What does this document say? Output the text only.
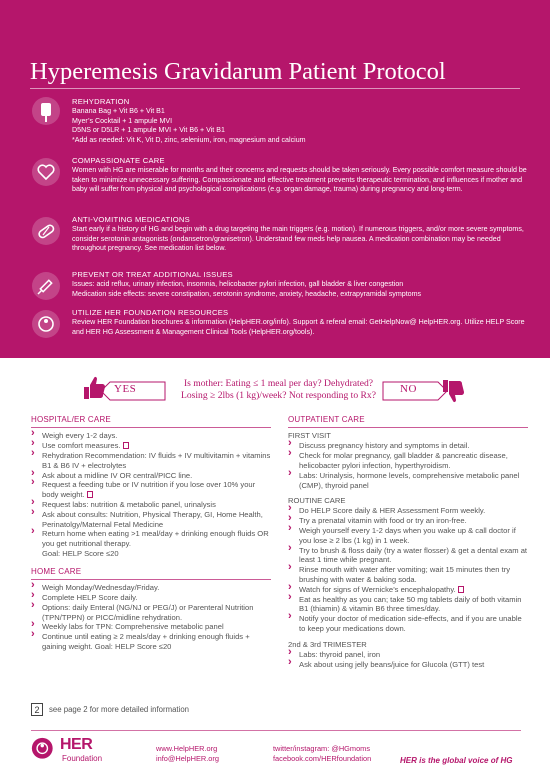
Hyperemesis Gravidarum Patient Protocol
REHYDRATION
Banana Bag + Vit B6 + Vit B1
Myer’s Cocktail + 1 ampule MVI
D5NS or D5LR + 1 ampule MVI + Vit B6 + Vit B1
*Add as needed: Vit K, Vit D, zinc, selenium, iron, magnesium and calcium
COMPASSIONATE CARE
Women with HG are miserable for months and their concerns and requests should be taken seriously. Every possible comfort measure should be taken to minimize unnecessary suffering. Compassionate and effective treatment prevents therapeutic termination, and influences if mother and baby will suffer from physical and psychological complications (e.g. organ damage, trauma) during pregnancy and long-term.
ANTI-VOMITING MEDICATIONS
Start early if a history of HG and begin with a drug targeting the main triggers (e.g. motion). If numerous triggers, and/or more severe symptoms, consider serotonin antagonists (ondansetron/granisetron). Understand few meds help nausea. A medication combination may be needed throughout pregnancy. See medication list below.
PREVENT OR TREAT ADDITIONAL ISSUES
Issues: acid reflux, urinary infection, insomnia, helicobacter pylori infection, gall bladder & liver congestion
Medication side effects: severe constipation, serotonin syndrome, anxiety, headache, extrapyramidal symptoms
UTILIZE HER FOUNDATION RESOURCES
Review HER Foundation brochures & information (HelpHER.org/info). Support & referal email: GetHelpNow@ HelpHER.org. Utilize HELP Score and HER HG Assessment & Management Clinical Tools (HelpHER.org/tools).
YES	Is mother: Eating ≤ 1 meal per day? Dehydrated?
Losing ≥ 2lbs (1 kg)/week? Not responding to Rx?
NO
HOSPITAL/ER CARE
› Weigh every 1-2 days.
› Use comfort measures.
› Rehydration Recommendation: IV fluids + IV multivitamin + vitamins B1 & B6 IV + electrolytes
› Ask about a midline IV OR central/PICC line.
› Request a feeding tube or IV nutrition if you lose over 10% your body weight.
› Request labs: nutrition & metabolic panel, urinalysis
› Ask about consults: Nutrition, Physical Therapy, GI, Home Health, Perinatolgy/Maternal Fetal Medicine
› Return home when eating >1 meal/day + drinking enough fluids OR you get nutritional therapy.
Goal: HELP Score ≤20
HOME CARE
› Weigh Monday/Wednesday/Friday.
› Complete HELP Score daily.
› Options: daily Enteral (NG/NJ or PEG/J) or Parenteral Nutrition (TPN/TPPN) or PICC/midline rehydration.
› Weekly labs for TPN: Comprehensive metabolic panel
› Continue until eating ≥ 2 meals/day + drinking enough fluids + gaining weight. Goal: HELP Score ≤20
2	see page 2 for more detailed information
OUTPATIENT CARE
FIRST VISIT
› Discuss pregnancy history and symptoms in detail.
› Check for molar pregnancy, gall bladder & pancreatic disease, helicobacter pylori infection, hyperthyroidism.
› Labs: Urinalysis, hormone levels, comprehensive metabolic panel (CMP), thyroid panel
ROUTINE CARE
› Do HELP Score daily & HER Assessment Form weekly.
› Try a prenatal vitamin with food or try an iron-free.
› Weigh yourself every 1-2 days when you wake up & call doctor if you lose ≥ 2 lbs (1 kg) in 1 week.
› Try to brush & floss daily (try a water flosser) & get a dental exam at least 1 time while pregnant.
› Rinse mouth with water after vomiting; wait 15 minutes then try brushing with water & baking soda.
› Watch for signs of Wernicke’s encephalopathy.
› Eat as healthy as you can; take 50 mg tablets daily of both vitamin B1 (thiamin) & vitamin B6 three times/day.
› Notify your doctor of medication side-effects, and if you are unable to keep your medications down.
2nd & 3rd TRIMESTER
› Labs: thyroid panel, iron
› Ask about using jelly beans/juice for Glucola (GTT) test
HER
Foundation
www.HelpHER.org
info@HelpHER.org
twitter/instagram: @HGmoms
facebook.com/HERfoundation	HER is the global voice of HG
